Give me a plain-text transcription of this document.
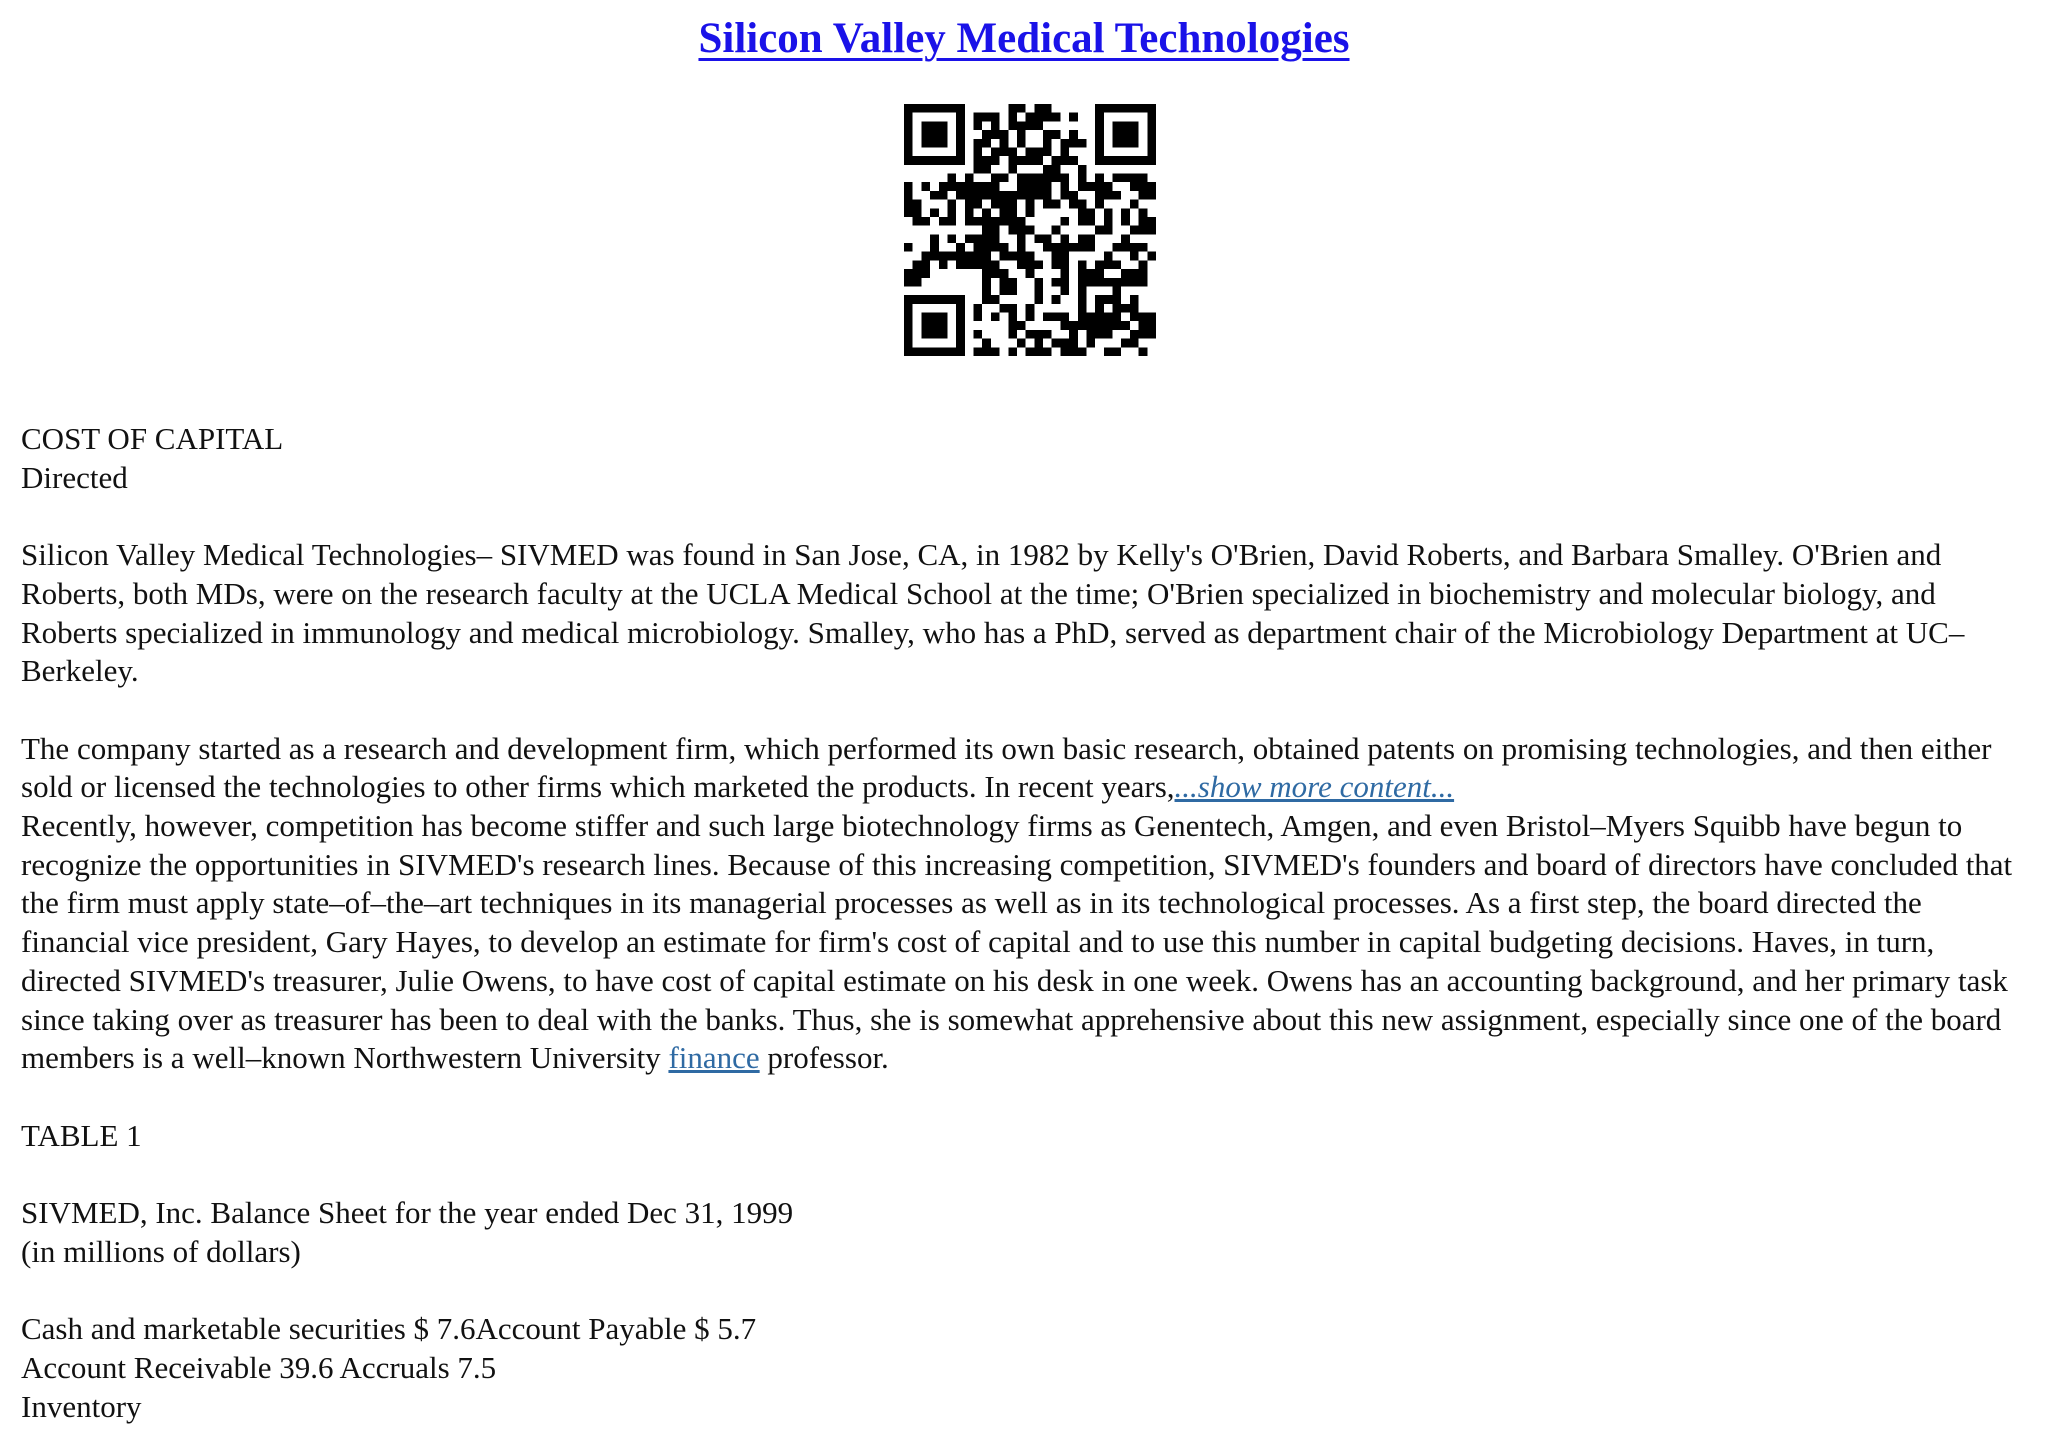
Silicon Valley Medical Technologies

COST OF CAPITAL

Directed

Silicon Valley Medical Technologies– SIVMED was found in San Jose, CA, in 1982 by Kelly's O'Brien, David Roberts, and Barbara Smalley. O'Brien and Roberts, both MDs, were on the research faculty at the UCLA Medical School at the time; O'Brien specialized in biochemistry and molecular biology, and Roberts specialized in immunology and medical microbiology. Smalley, who has a PhD, served as department chair of the Microbiology Department at UC–Berkeley.

The company started as a research and development firm, which performed its own basic research, obtained patents on promising technologies, and then either sold or licensed the technologies to other firms which marketed the products. In recent years,...show more content...

Recently, however, competition has become stiffer and such large biotechnology firms as Genentech, Amgen, and even Bristol–Myers Squibb have begun to recognize the opportunities in SIVMED's research lines. Because of this increasing competition, SIVMED's founders and board of directors have concluded that the firm must apply state–of–the–art techniques in its managerial processes as well as in its technological processes. As a first step, the board directed the financial vice president, Gary Hayes, to develop an estimate for firm's cost of capital and to use this number in capital budgeting decisions. Haves, in turn, directed SIVMED's treasurer, Julie Owens, to have cost of capital estimate on his desk in one week. Owens has an accounting background, and her primary task since taking over as treasurer has been to deal with the banks. Thus, she is somewhat apprehensive about this new assignment, especially since one of the board members is a well–known Northwestern University finance professor.

TABLE 1

SIVMED, Inc. Balance Sheet for the year ended Dec 31, 1999

(in millions of dollars)

Cash and marketable securities $ 7.6Account Payable $ 5.7

Account Receivable 39.6 Accruals 7.5

Inventory
